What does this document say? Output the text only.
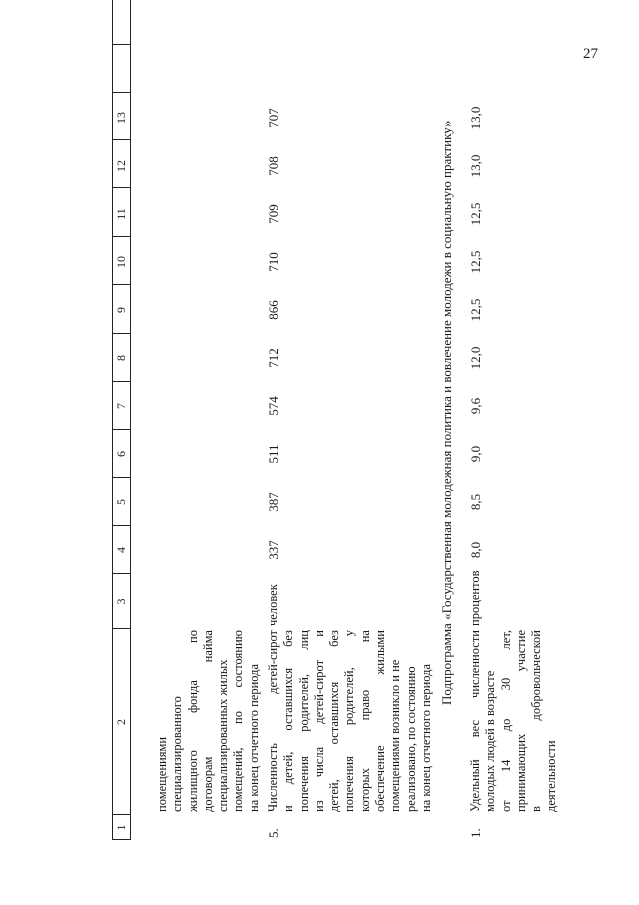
27
1
2
3
4
5
6
7
8
9
10
11
12
13
помещениями специализированного жилищного
фонда
по
договорам
найма
специализированных жилых помещений,
по
состоянию
на конец отчетного периода
5.
Численность
детей-сирот
и
детей,
оставшихся
без
попечения
родителей,
лиц
из
числа
детей-сирот
и
детей,
оставшихся
без
попечения
родителей,
у
которых
право
на
обеспечение
жилыми
помещениями возникло и не реализовано, по состоянию на конец отчетного периода
человек
337
387
511
574
712
866
710
709
708
707
Подпрограмма «Государственная молодежная политика и вовлечение молодежи в социальную практику»
1.
Удельный
вес
численности
молодых людей в возрасте от
14
до
30
лет,
принимающих
участие
в
добровольческой
деятельности
процентов
8,0
8,5
9,0
9,6
12,0
12,5
12,5
12,5
13,0
13,0
